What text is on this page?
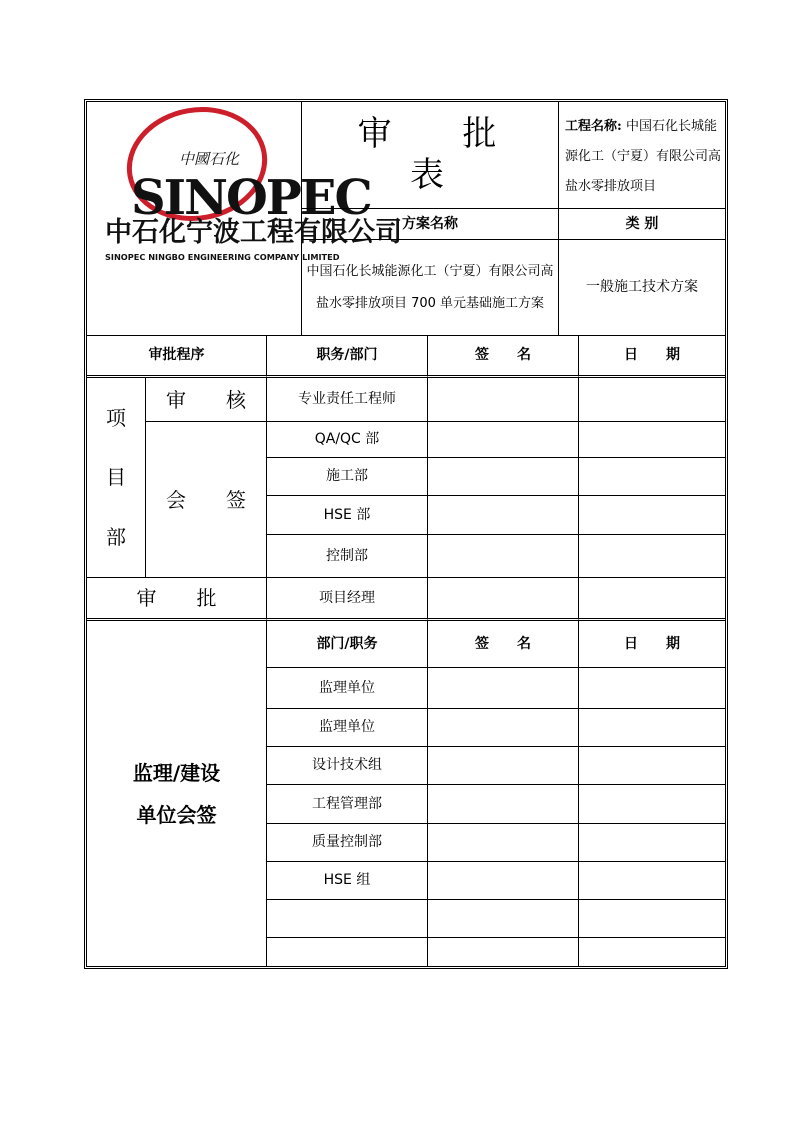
中國石化
SINOPEC
中石化宁波工程有限公司
SINOPEC NINGBO ENGINEERING COMPANY LIMITED
审 批 表
工程名称: 中国石化长城能源化工（宁夏）有限公司高盐水零排放项目
方案名称	类 别
中国石化长城能源化工（宁夏）有限公司高盐水零排放项目 700 单元基础施工方案
一般施工技术方案
审批程序	职务/部门	签　　名	日　　期
项
目
部
审　　核	专业责任工程师
会　　签
QA/QC 部
施工部
HSE 部
控制部
审　　批	项目经理
监理/建设
单位会签
部门/职务	签　　名	日　　期
监理单位
监理单位
设计技术组
工程管理部
质量控制部
HSE 组
